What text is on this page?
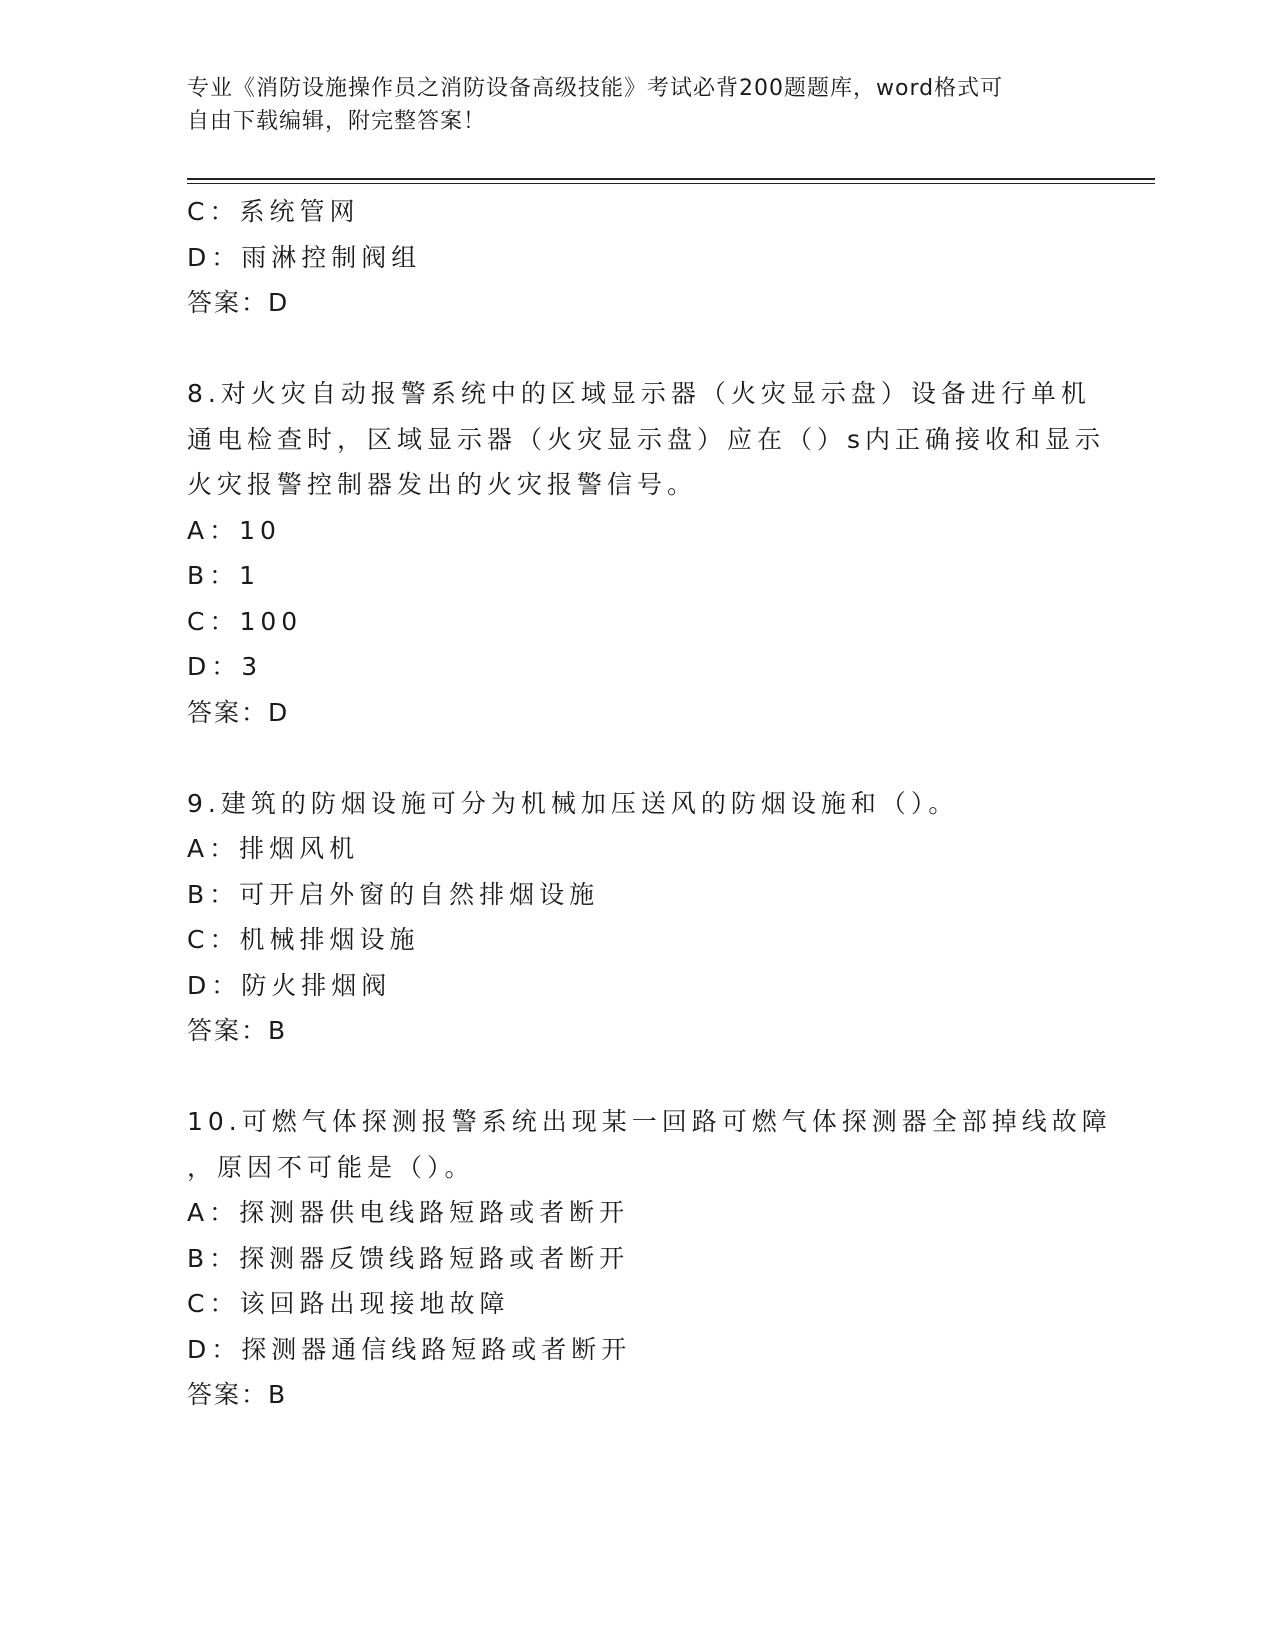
专业《消防设施操作员之消防设备高级技能》考试必背200题题库，word格式可
自由下载编辑，附完整答案！
C：系统管网
D：雨淋控制阀组
答案：D
8.对火灾自动报警系统中的区域显示器（火灾显示盘）设备进行单机
通电检查时，区域显示器（火灾显示盘）应在（）s内正确接收和显示
火灾报警控制器发出的火灾报警信号。
A：10
B：1
C：100
D：3
答案：D
9.建筑的防烟设施可分为机械加压送风的防烟设施和（）。
A：排烟风机
B：可开启外窗的自然排烟设施
C：机械排烟设施
D：防火排烟阀
答案：B
10.可燃气体探测报警系统出现某一回路可燃气体探测器全部掉线故障
，原因不可能是（）。
A：探测器供电线路短路或者断开
B：探测器反馈线路短路或者断开
C：该回路出现接地故障
D：探测器通信线路短路或者断开
答案：B
